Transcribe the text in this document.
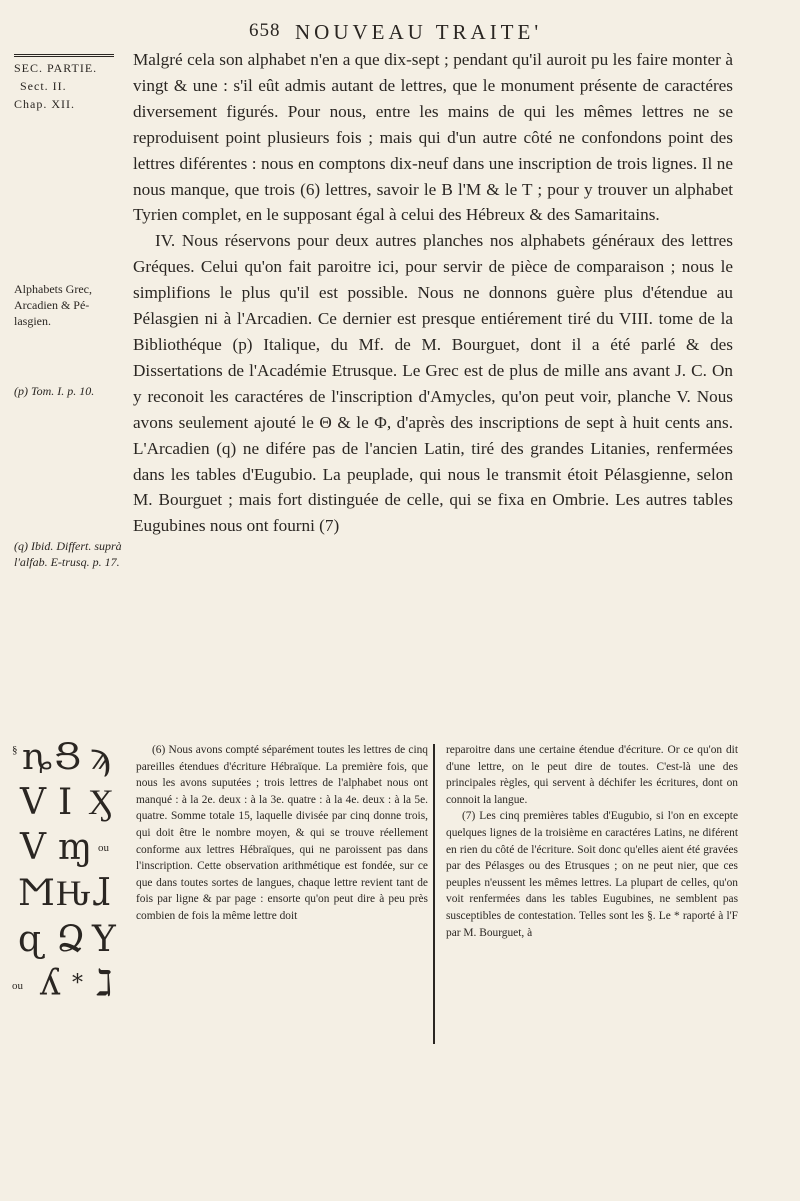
658 NOUVEAU TRAITE'
SEC. PARTIE.
Sect. II.
Chap. XII.
Alphabets Grec, Arcadien & Pé-lasgien.
(p) Tom. I. p. 10.
(q) Ibid. Differt. suprà l'alfab. E-trusq. p. 17.

Malgré cela son alphabet n'en a que dix-sept ; pendant qu'il auroit pu les faire monter à vingt & une : s'il eût admis autant de lettres, que le monument présente de caractéres diversement figurés. Pour nous, entre les mains de qui les mêmes lettres ne se reproduisent point plusieurs fois ; mais qui d'un autre côté ne confondons point des lettres diférentes : nous en comptons dix-neuf dans une inscription de trois lignes. Il ne nous manque, que trois (6) lettres, savoir le B l'M & le T ; pour y trouver un alphabet Tyrien complet, en le supposant égal à celui des Hébreux & des Samaritains.

IV. Nous réservons pour deux autres planches nos alphabets généraux des lettres Gréques. Celui qu'on fait paroitre ici, pour servir de pièce de comparaison ; nous le simplifions le plus qu'il est possible. Nous ne donnons guère plus d'étendue au Pélasgien ni à l'Arcadien. Ce dernier est presque entiérement tiré du VIII. tome de la Bibliothéque (p) Italique, du Mf. de M. Bourguet, dont il a été parlé & des Dissertations de l'Académie Etrusque. Le Grec est de plus de mille ans avant J. C. On y reconoit les caractéres de l'inscription d'Amycles, qu'on peut voir, planche V. Nous avons seulement ajouté le Θ & le Φ, d'après des inscriptions de sept à huit cents ans. L'Arcadien (q) ne difére pas de l'ancien Latin, tiré des grandes Litanies, renfermées dans les tables d'Eugubio. La peuplade, qui nous le transmit étoit Pélasgienne, selon M. Bourguet ; mais fort distinguée de celle, qui se fixa en Ombrie. Les autres tables Eugubines nous ont fourni (7)

§ ȵ Ց ϡ
V I Ӽ
V ɱ ou
Ϻ Ԋ ɺ
ɋ Ձ Y
ou ʎ * ℷ

(6) Nous avons compté séparément toutes les lettres de cinq pareilles étendues d'écriture Hébraïque. La première fois, que nous les avons suputées ; trois lettres de l'alphabet nous ont manqué : à la 2e. deux : à la 3e. quatre : à la 4e. deux : à la 5e. quatre. Somme totale 15, laquelle divisée par cinq donne trois, qui doit être le nombre moyen, & qui se trouve réellement conforme aux lettres Hébraïques, qui ne paroissent pas dans l'inscription. Cette observation arithmétique est fondée, sur ce que dans toutes sortes de langues, chaque lettre revient tant de fois par ligne & par page : ensorte qu'on peut dire à peu près combien de fois la même lettre doit

reparoitre dans une certaine étendue d'écriture. Or ce qu'on dit d'une lettre, on le peut dire de toutes. C'est-là une des principales règles, qui servent à déchifer les écritures, dont on connoit la langue.

(7) Les cinq premières tables d'Eugubio, si l'on en excepte quelques lignes de la troisième en caractéres Latins, ne diférent en rien du côté de l'écriture. Soit donc qu'elles aient été gravées par des Pélasges ou des Etrusques ; on ne peut nier, que ces peuples n'eussent les mêmes lettres. La plupart de celles, qu'on voit renfermées dans les tables Eugubines, ne semblent pas susceptibles de contestation. Telles sont les §. Le * raporté à l'F par M. Bourguet, à
